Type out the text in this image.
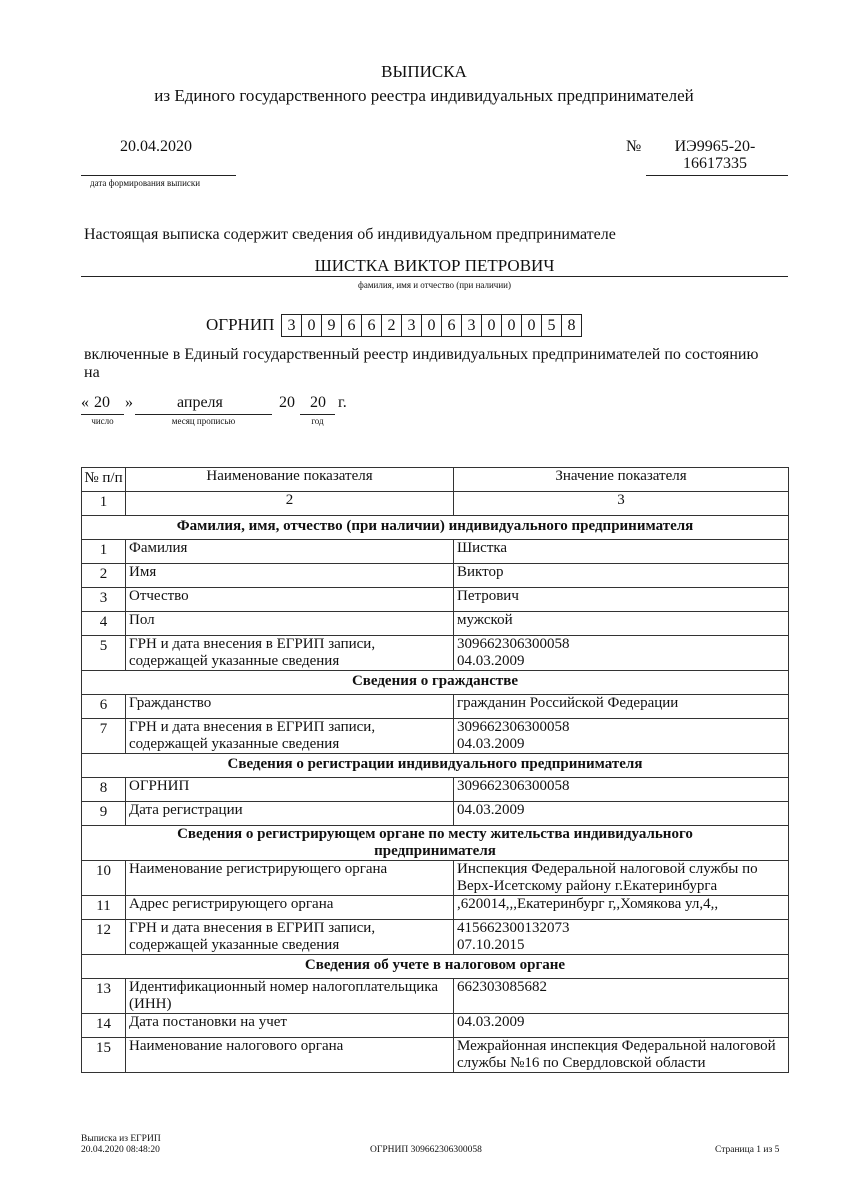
ВЫПИСКА
из Единого государственного реестра индивидуальных предпринимателей
20.04.2020
дата формирования выписки
№	ИЭ9965-20-
16617335
Настоящая выписка содержит сведения об индивидуальном предпринимателе
ШИСТКА ВИКТОР ПЕТРОВИЧ
фамилия, имя и отчество (при наличии)
ОГРНИП 3 0 9 6 6 2 3 0 6 3 0 0 0 5 8
включенные в Единый государственный реестр индивидуальных предпринимателей по состоянию на
« 20 »	апреля	20 20 г.
число	месяц прописью	год
№ п/п	Наименование показателя	Значение показателя
1	2	3
Фамилия, имя, отчество (при наличии) индивидуального предпринимателя		
1	Фамилия	Шистка
2	Имя	Виктор
3	Отчество	Петрович
4	Пол	мужской
5	ГРН и дата внесения в ЕГРИП записи, содержащей указанные сведения	309662306300058
04.03.2009

Сведения о гражданстве		
6	Гражданство	гражданин Российской Федерации
7	ГРН и дата внесения в ЕГРИП записи, содержащей указанные сведения	309662306300058
04.03.2009

Сведения о регистрации индивидуального предпринимателя		
8	ОГРНИП	309662306300058
9	Дата регистрации	04.03.2009
Сведения о регистрирующем органе по месту жительства индивидуального предпринимателя		
10	Наименование регистрирующего органа	Инспекция Федеральной налоговой службы по Верх-Исетскому району г.Екатеринбурга
11	Адрес регистрирующего органа	,620014,,,Екатеринбург г,,Хомякова ул,4,,
12	ГРН и дата внесения в ЕГРИП записи, содержащей указанные сведения	415662300132073
07.10.2015

Сведения об учете в налоговом органе		
13	Идентификационный номер налогоплательщика (ИНН)	662303085682
14	Дата постановки на учет	04.03.2009
15	Наименование налогового органа	Межрайонная инспекция Федеральной налоговой службы №16 по Свердловской области
Выписка из ЕГРИП
20.04.2020 08:48:20	ОГРНИП 309662306300058	Страница 1 из 5
